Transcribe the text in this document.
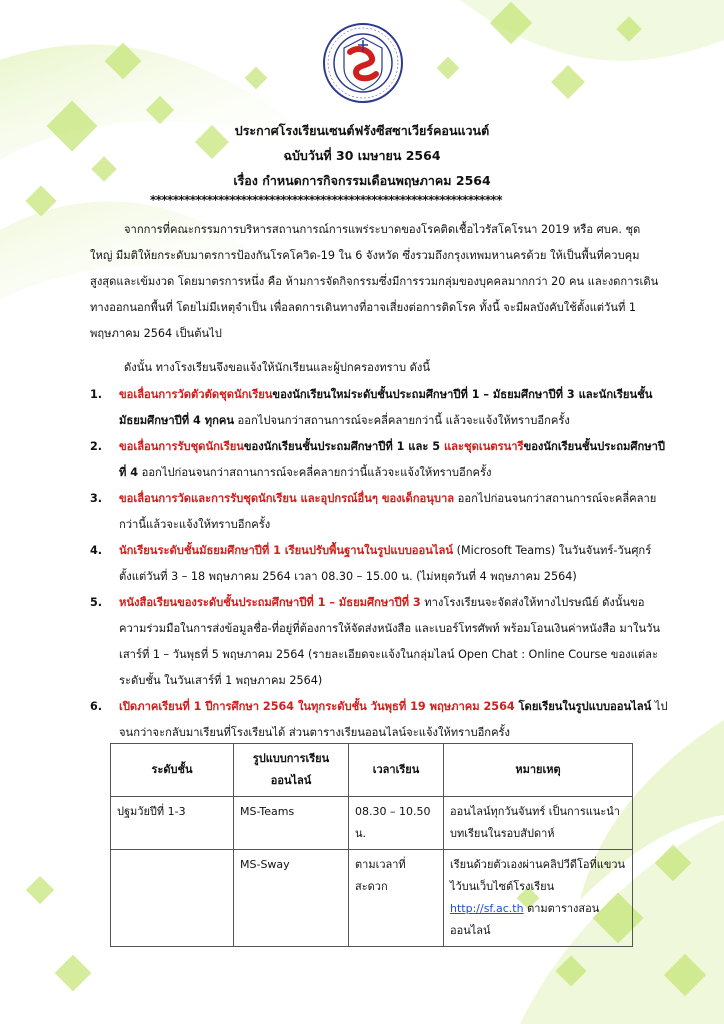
ประกาศโรงเรียนเซนต์ฟรังซีสซาเวียร์คอนแวนต์
ฉบับวันที่ 30 เมษายน 2564
เรื่อง กำหนดการกิจกรรมเดือนพฤษภาคม 2564
**************************************************************

จากการที่คณะกรรมการบริหารสถานการณ์การแพร่ระบาดของโรคติดเชื้อไวรัสโคโรนา 2019 หรือ ศบค. ชุดใหญ่ มีมติให้ยกระดับมาตรการป้องกันโรคโควิด-19 ใน 6 จังหวัด ซึ่งรวมถึงกรุงเทพมหานครด้วย ให้เป็นพื้นที่ควบคุมสูงสุดและเข้มงวด โดยมาตรการหนึ่ง คือ ห้ามการจัดกิจกรรมซึ่งมีการรวมกลุ่มของบุคคลมากกว่า 20 คน และงดการเดินทางออกนอกพื้นที่ โดยไม่มีเหตุจำเป็น เพื่อลดการเดินทางที่อาจเสี่ยงต่อการติดโรค ทั้งนี้ จะมีผลบังคับใช้ตั้งแต่วันที่ 1 พฤษภาคม 2564 เป็นต้นไป

ดังนั้น ทางโรงเรียนจึงขอแจ้งให้นักเรียนและผู้ปกครองทราบ ดังนี้

1. ขอเลื่อนการวัดตัวตัดชุดนักเรียนของนักเรียนใหม่ระดับชั้นประถมศึกษาปีที่ 1 – มัธยมศึกษาปีที่ 3 และนักเรียนชั้นมัธยมศึกษาปีที่ 4 ทุกคน ออกไปจนกว่าสถานการณ์จะคลี่คลายกว่านี้ แล้วจะแจ้งให้ทราบอีกครั้ง
2. ขอเลื่อนการรับชุดนักเรียนของนักเรียนชั้นประถมศึกษาปีที่ 1 และ 5 และชุดเนตรนารีของนักเรียนชั้นประถมศึกษาปีที่ 4 ออกไปก่อนจนกว่าสถานการณ์จะคลี่คลายกว่านี้แล้วจะแจ้งให้ทราบอีกครั้ง
3. ขอเลื่อนการวัดและการรับชุดนักเรียน และอุปกรณ์อื่นๆ ของเด็กอนุบาล ออกไปก่อนจนกว่าสถานการณ์จะคลี่คลายกว่านี้แล้วจะแจ้งให้ทราบอีกครั้ง
4. นักเรียนระดับชั้นมัธยมศึกษาปีที่ 1 เรียนปรับพื้นฐานในรูปแบบออนไลน์ (Microsoft Teams) ในวันจันทร์-วันศุกร์ ตั้งแต่วันที่ 3 – 18 พฤษภาคม 2564 เวลา 08.30 – 15.00 น. (ไม่หยุดวันที่ 4 พฤษภาคม 2564)
5. หนังสือเรียนของระดับชั้นประถมศึกษาปีที่ 1 – มัธยมศึกษาปีที่ 3 ทางโรงเรียนจะจัดส่งให้ทางไปรษณีย์ ดังนั้นขอความร่วมมือในการส่งข้อมูลชื่อ-ที่อยู่ที่ต้องการให้จัดส่งหนังสือ และเบอร์โทรศัพท์ พร้อมโอนเงินค่าหนังสือ มาในวันเสาร์ที่ 1 – วันพุธที่ 5 พฤษภาคม 2564 (รายละเอียดจะแจ้งในกลุ่มไลน์ Open Chat : Online Course ของแต่ละระดับชั้น ในวันเสาร์ที่ 1 พฤษภาคม 2564)
6. เปิดภาคเรียนที่ 1 ปีการศึกษา 2564 ในทุกระดับชั้น วันพุธที่ 19 พฤษภาคม 2564 โดยเรียนในรูปแบบออนไลน์ ไปจนกว่าจะกลับมาเรียนที่โรงเรียนได้ ส่วนตารางเรียนออนไลน์จะแจ้งให้ทราบอีกครั้ง
ระดับชั้น	รูปแบบการเรียนออนไลน์	เวลาเรียน	หมายเหตุ
ปฐมวัยปีที่ 1-3	MS-Teams	08.30 – 10.50 น.	ออนไลน์ทุกวันจันทร์ เป็นการแนะนำบทเรียนในรอบสัปดาห์
	MS-Sway	ตามเวลาที่สะดวก	เรียนด้วยตัวเองผ่านคลิปวีดีโอที่แขวนไว้บนเว็บไซต์โรงเรียน http://sf.ac.th ตามตารางสอนออนไลน์
